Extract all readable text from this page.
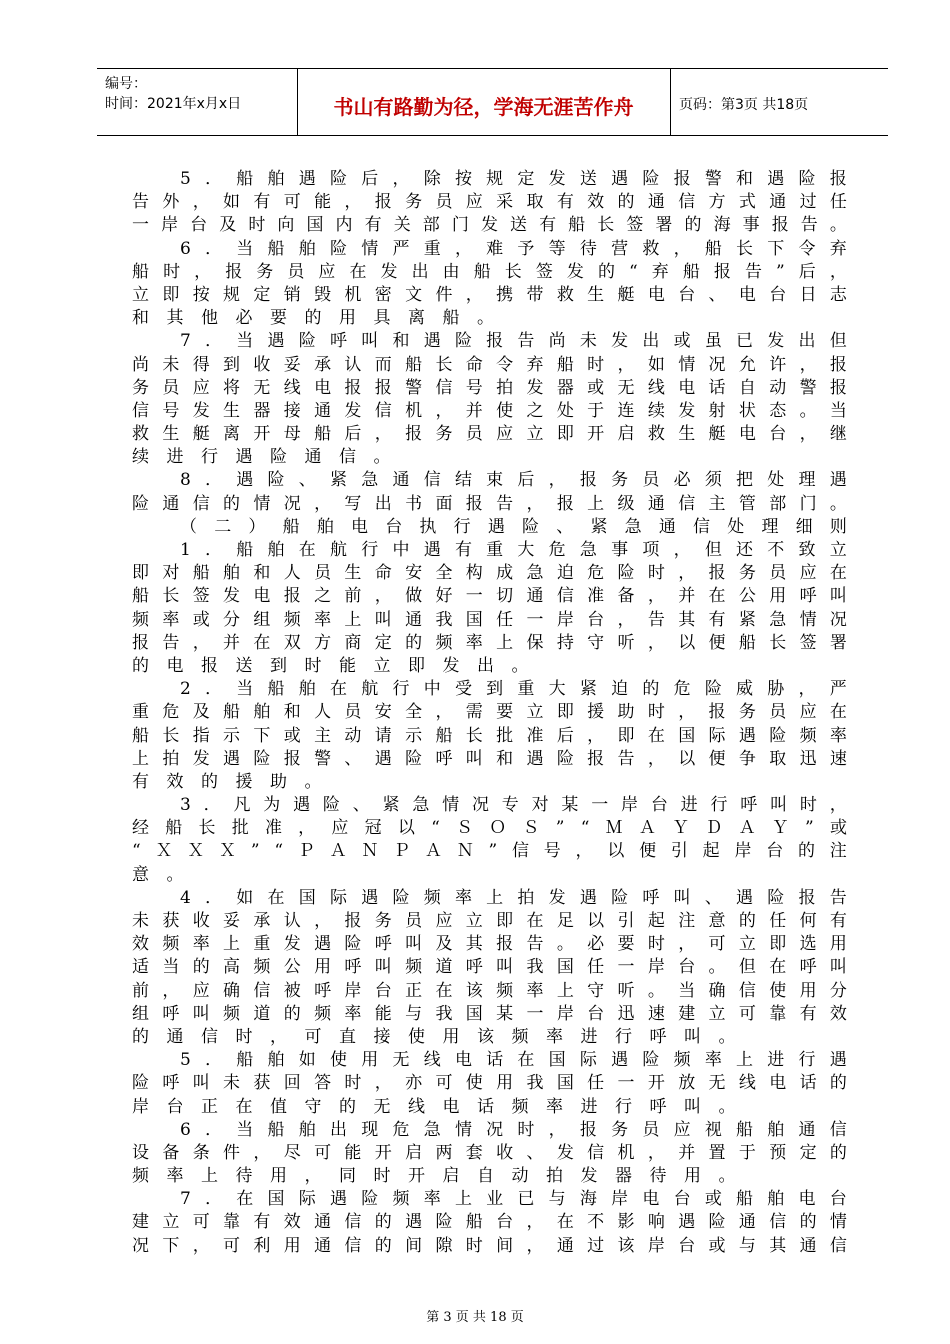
编号：
时间：2021年x月x日	书山有路勤为径，学海无涯苦作舟	页码：第3页 共18页
5 ． 船 舶 遇 险 后 ， 除 按 规 定 发 送 遇 险 报 警 和 遇 险 报
告 外 ， 如 有 可 能 ， 报 务 员 应 采 取 有 效 的 通 信 方 式 通 过 任
一 岸 台 及 时 向 国 内 有 关 部 门 发 送 有 船 长 签 署 的 海 事 报 告 。
6 ． 当 船 舶 险 情 严 重 ， 难 予 等 待 营 救 ， 船 长 下 令 弃
船 时 ， 报 务 员 应 在 发 出 由 船 长 签 发 的 “ 弃 船 报 告 ” 后 ，
立 即 按 规 定 销 毁 机 密 文 件 ， 携 带 救 生 艇 电 台 、 电 台 日 志
和 其 他 必 要 的 用 具 离 船 。
7 ． 当 遇 险 呼 叫 和 遇 险 报 告 尚 未 发 出 或 虽 已 发 出 但
尚 未 得 到 收 妥 承 认 而 船 长 命 令 弃 船 时 ， 如 情 况 允 许 ， 报
务 员 应 将 无 线 电 报 报 警 信 号 拍 发 器 或 无 线 电 话 自 动 警 报
信 号 发 生 器 接 通 发 信 机 ， 并 使 之 处 于 连 续 发 射 状 态 。 当
救 生 艇 离 开 母 船 后 ， 报 务 员 应 立 即 开 启 救 生 艇 电 台 ， 继
续 进 行 遇 险 通 信 。
8 ． 遇 险 、 紧 急 通 信 结 束 后 ， 报 务 员 必 须 把 处 理 遇
险 通 信 的 情 况 ， 写 出 书 面 报 告 ， 报 上 级 通 信 主 管 部 门 。
（ 二 ） 船 舶 电 台 执 行 遇 险 、 紧 急 通 信 处 理 细 则
1 ． 船 舶 在 航 行 中 遇 有 重 大 危 急 事 项 ， 但 还 不 致 立
即 对 船 舶 和 人 员 生 命 安 全 构 成 急 迫 危 险 时 ， 报 务 员 应 在
船 长 签 发 电 报 之 前 ， 做 好 一 切 通 信 准 备 ， 并 在 公 用 呼 叫
频 率 或 分 组 频 率 上 叫 通 我 国 任 一 岸 台 ， 告 其 有 紧 急 情 况
报 告 ， 并 在 双 方 商 定 的 频 率 上 保 持 守 听 ， 以 便 船 长 签 署
的 电 报 送 到 时 能 立 即 发 出 。
2 ． 当 船 舶 在 航 行 中 受 到 重 大 紧 迫 的 危 险 威 胁 ， 严
重 危 及 船 舶 和 人 员 安 全 ， 需 要 立 即 援 助 时 ， 报 务 员 应 在
船 长 指 示 下 或 主 动 请 示 船 长 批 准 后 ， 即 在 国 际 遇 险 频 率
上 拍 发 遇 险 报 警 、 遇 险 呼 叫 和 遇 险 报 告 ， 以 便 争 取 迅 速
有 效 的 援 助 。
3 ． 凡 为 遇 险 、 紧 急 情 况 专 对 某 一 岸 台 进 行 呼 叫 时 ，
经 船 长 批 准 ， 应 冠 以 “ Ｓ Ｏ Ｓ ” “ Ｍ Ａ Ｙ Ｄ Ａ Ｙ ” 或
“ Ｘ Ｘ Ｘ ” “ Ｐ Ａ Ｎ Ｐ Ａ Ｎ ” 信 号 ， 以 便 引 起 岸 台 的 注
意 。
4 ． 如 在 国 际 遇 险 频 率 上 拍 发 遇 险 呼 叫 、 遇 险 报 告
未 获 收 妥 承 认 ， 报 务 员 应 立 即 在 足 以 引 起 注 意 的 任 何 有
效 频 率 上 重 发 遇 险 呼 叫 及 其 报 告 。 必 要 时 ， 可 立 即 选 用
适 当 的 高 频 公 用 呼 叫 频 道 呼 叫 我 国 任 一 岸 台 。 但 在 呼 叫
前 ， 应 确 信 被 呼 岸 台 正 在 该 频 率 上 守 听 。 当 确 信 使 用 分
组 呼 叫 频 道 的 频 率 能 与 我 国 某 一 岸 台 迅 速 建 立 可 靠 有 效
的 通 信 时 ， 可 直 接 使 用 该 频 率 进 行 呼 叫 。
5 ． 船 舶 如 使 用 无 线 电 话 在 国 际 遇 险 频 率 上 进 行 遇
险 呼 叫 未 获 回 答 时 ， 亦 可 使 用 我 国 任 一 开 放 无 线 电 话 的
岸 台 正 在 值 守 的 无 线 电 话 频 率 进 行 呼 叫 。
6 ． 当 船 舶 出 现 危 急 情 况 时 ， 报 务 员 应 视 船 舶 通 信
设 备 条 件 ， 尽 可 能 开 启 两 套 收 、 发 信 机 ， 并 置 于 预 定 的
频 率 上 待 用 ， 同 时 开 启 自 动 拍 发 器 待 用 。
7 ． 在 国 际 遇 险 频 率 上 业 已 与 海 岸 电 台 或 船 舶 电 台
建 立 可 靠 有 效 通 信 的 遇 险 船 台 ， 在 不 影 响 遇 险 通 信 的 情
况 下 ， 可 利 用 通 信 的 间 隙 时 间 ， 通 过 该 岸 台 或 与 其 通 信
第 3 页 共 18 页
